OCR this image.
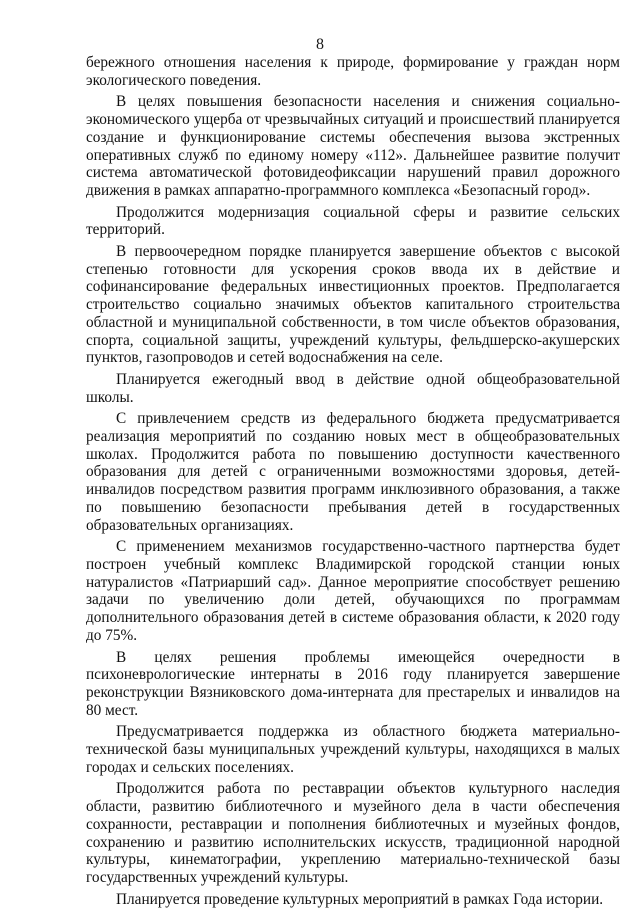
8

бережного отношения населения к природе, формирование у граждан норм экологического поведения.

В целях повышения безопасности населения и снижения социально-экономического ущерба от чрезвычайных ситуаций и происшествий планируется создание и функционирование системы обеспечения вызова экстренных оперативных служб по единому номеру «112». Дальнейшее развитие получит система автоматической фотовидеофиксации нарушений правил дорожного движения в рамках аппаратно-программного комплекса «Безопасный город».

Продолжится модернизация социальной сферы и развитие сельских территорий.

В первоочередном порядке планируется завершение объектов с высокой степенью готовности для ускорения сроков ввода их в действие и софинансирование федеральных инвестиционных проектов. Предполагается строительство социально значимых объектов капитального строительства областной и муниципальной собственности, в том числе объектов образования, спорта, социальной защиты, учреждений культуры, фельдшерско-акушерских пунктов, газопроводов и сетей водоснабжения на селе.

Планируется ежегодный ввод в действие одной общеобразовательной школы.

С привлечением средств из федерального бюджета предусматривается реализация мероприятий по созданию новых мест в общеобразовательных школах. Продолжится работа по повышению доступности качественного образования для детей с ограниченными возможностями здоровья, детей-инвалидов посредством развития программ инклюзивного образования, а также по повышению безопасности пребывания детей в государственных образовательных организациях.

С применением механизмов государственно-частного партнерства будет построен учебный комплекс Владимирской городской станции юных натуралистов «Патриарший сад». Данное мероприятие способствует решению задачи по увеличению доли детей, обучающихся по программам дополнительного образования детей в системе образования области, к 2020 году до 75%.

В целях решения проблемы имеющейся очередности в психоневрологические интернаты в 2016 году планируется завершение реконструкции Вязниковского дома-интерната для престарелых и инвалидов на 80 мест.

Предусматривается поддержка из областного бюджета материально-технической базы муниципальных учреждений культуры, находящихся в малых городах и сельских поселениях.

Продолжится работа по реставрации объектов культурного наследия области, развитию библиотечного и музейного дела в части обеспечения сохранности, реставрации и пополнения библиотечных и музейных фондов, сохранению и развитию исполнительских искусств, традиционной народной культуры, кинематографии, укреплению материально-технической базы государственных учреждений культуры.

Планируется проведение культурных мероприятий в рамках Года истории.
